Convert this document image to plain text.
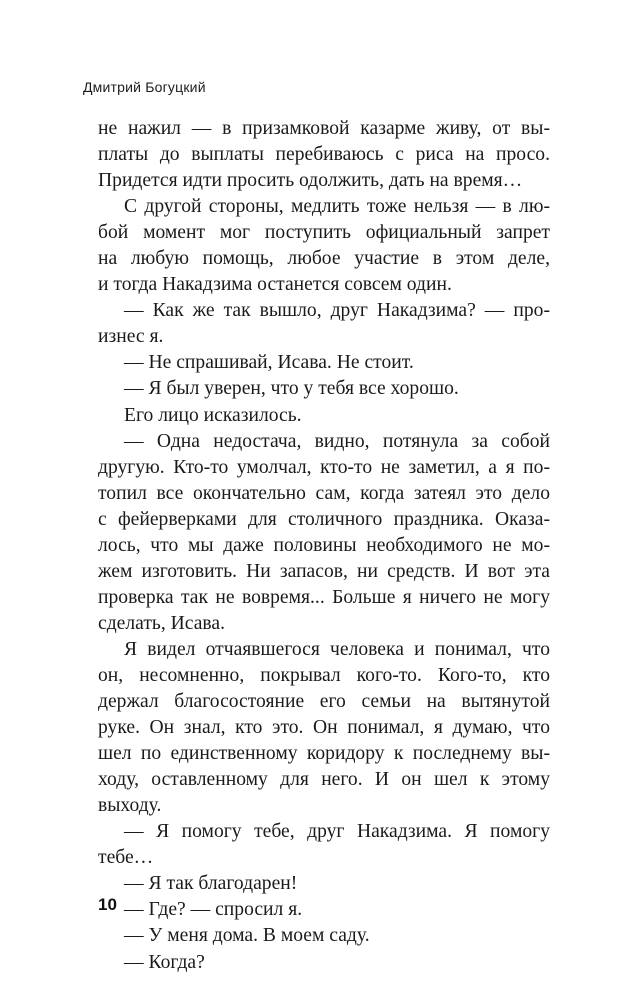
Дмитрий Богуцкий
не нажил — в призамковой казарме живу, от вы-
платы до выплаты перебиваюсь с риса на просо.
Придется идти просить одолжить, дать на время…
С другой стороны, медлить тоже нельзя — в лю-
бой момент мог поступить официальный запрет
на любую помощь, любое участие в этом деле,
и тогда Накадзима останется совсем один.
— Как же так вышло, друг Накадзима? — про-
изнес я.
— Не спрашивай, Исава. Не стоит.
— Я был уверен, что у тебя все хорошо.
Его лицо исказилось.
— Одна недостача, видно, потянула за собой
другую. Кто-то умолчал, кто-то не заметил, а я по-
топил все окончательно сам, когда затеял это дело
с фейерверками для столичного праздника. Оказа-
лось, что мы даже половины необходимого не мо-
жем изготовить. Ни запасов, ни средств. И вот эта
проверка так не вовремя... Больше я ничего не могу
сделать, Исава.
Я видел отчаявшегося человека и понимал, что
он, несомненно, покрывал кого-то. Кого-то, кто
держал благосостояние его семьи на вытянутой
руке. Он знал, кто это. Он понимал, я думаю, что
шел по единственному коридору к последнему вы-
ходу, оставленному для него. И он шел к этому
выходу.
— Я помогу тебе, друг Накадзима. Я помогу
тебе…
— Я так благодарен!
— Где? — спросил я.
— У меня дома. В моем саду.
— Когда?
10
